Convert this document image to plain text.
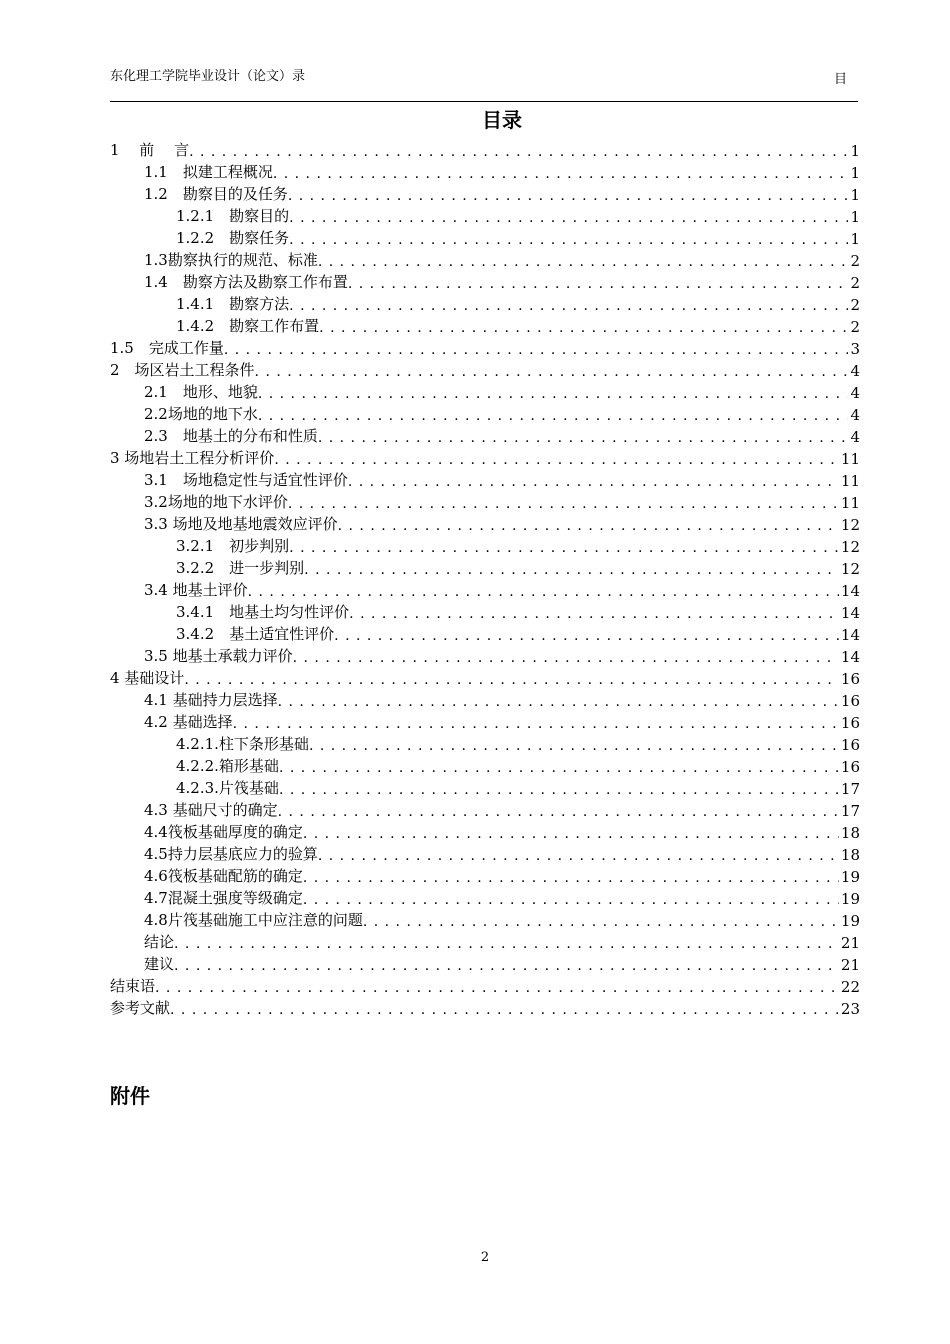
东化理工学院毕业设计（论文）录	目
目录
1　 前　 言 . . .	1
1.1　拟建工程概况 . . .	1
1.2　勘察目的及任务 . . .	1
1.2.1　勘察目的 . . .	1
1.2.2　勘察任务 . . .	1
1.3勘察执行的规范、标准 . . .	2
1.4　勘察方法及勘察工作布置 . . .	2
1.4.1　勘察方法 . . .	2
1.4.2　勘察工作布置 . . .	2
1.5　完成工作量 . . .	3
2　场区岩土工程条件 . . .	4
2.1　地形、地貌 . . .	4
2.2场地的地下水 . . .	4
2.3　地基土的分布和性质 . . .	4
3 场地岩土工程分析评价 . . .	11
3.1　场地稳定性与适宜性评价 . . .	11
3.2场地的地下水评价 . . .	11
3.3 场地及地基地震效应评价 . . .	12
3.2.1　初步判别 . . .	12
3.2.2　进一步判别 . . .	12
3.4 地基土评价 . . .	14
3.4.1　地基土均匀性评价 . . .	14
3.4.2　基土适宜性评价 . . .	14
3.5 地基土承载力评价 . . .	14
4 基础设计 . . .	16
4.1 基础持力层选择 . . .	16
4.2 基础选择 . . .	16
4.2.1.柱下条形基础 . . .	16
4.2.2.箱形基础 . . .	16
4.2.3.片筏基础 . . .	17
4.3 基础尺寸的确定 . . .	17
4.4筏板基础厚度的确定 . . .	18
4.5持力层基底应力的验算 . . .	18
4.6筏板基础配筋的确定 . . .	19
4.7混凝土强度等级确定 . . .	19
4.8片筏基础施工中应注意的问题 . . .	19
结论 . . .	21
建议 . . .	21
结束语 . . .	22
参考文献 . . .	23
附件
2
